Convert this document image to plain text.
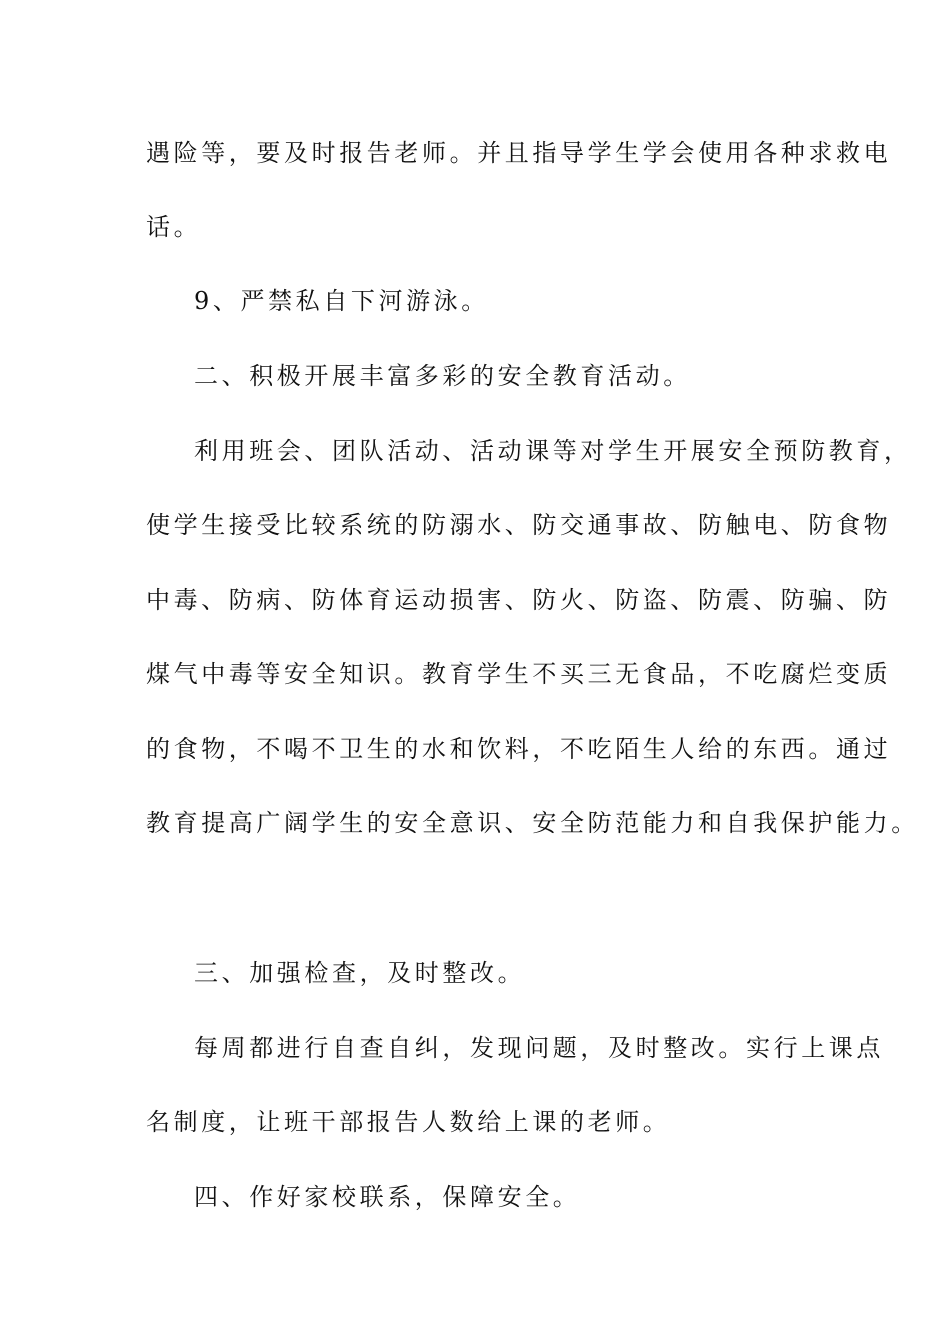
遇险等，要及时报告老师。并且指导学生学会使用各种求救电
话。
9、严禁私自下河游泳。
二、积极开展丰富多彩的安全教育活动。
利用班会、团队活动、活动课等对学生开展安全预防教育，
使学生接受比较系统的防溺水、防交通事故、防触电、防食物
中毒、防病、防体育运动损害、防火、防盗、防震、防骗、防
煤气中毒等安全知识。教育学生不买三无食品，不吃腐烂变质
的食物，不喝不卫生的水和饮料，不吃陌生人给的东西。通过
教育提高广阔学生的安全意识、安全防范能力和自我保护能力。
三、加强检查，及时整改。
每周都进行自查自纠，发现问题，及时整改。实行上课点
名制度，让班干部报告人数给上课的老师。
四、作好家校联系，保障安全。
